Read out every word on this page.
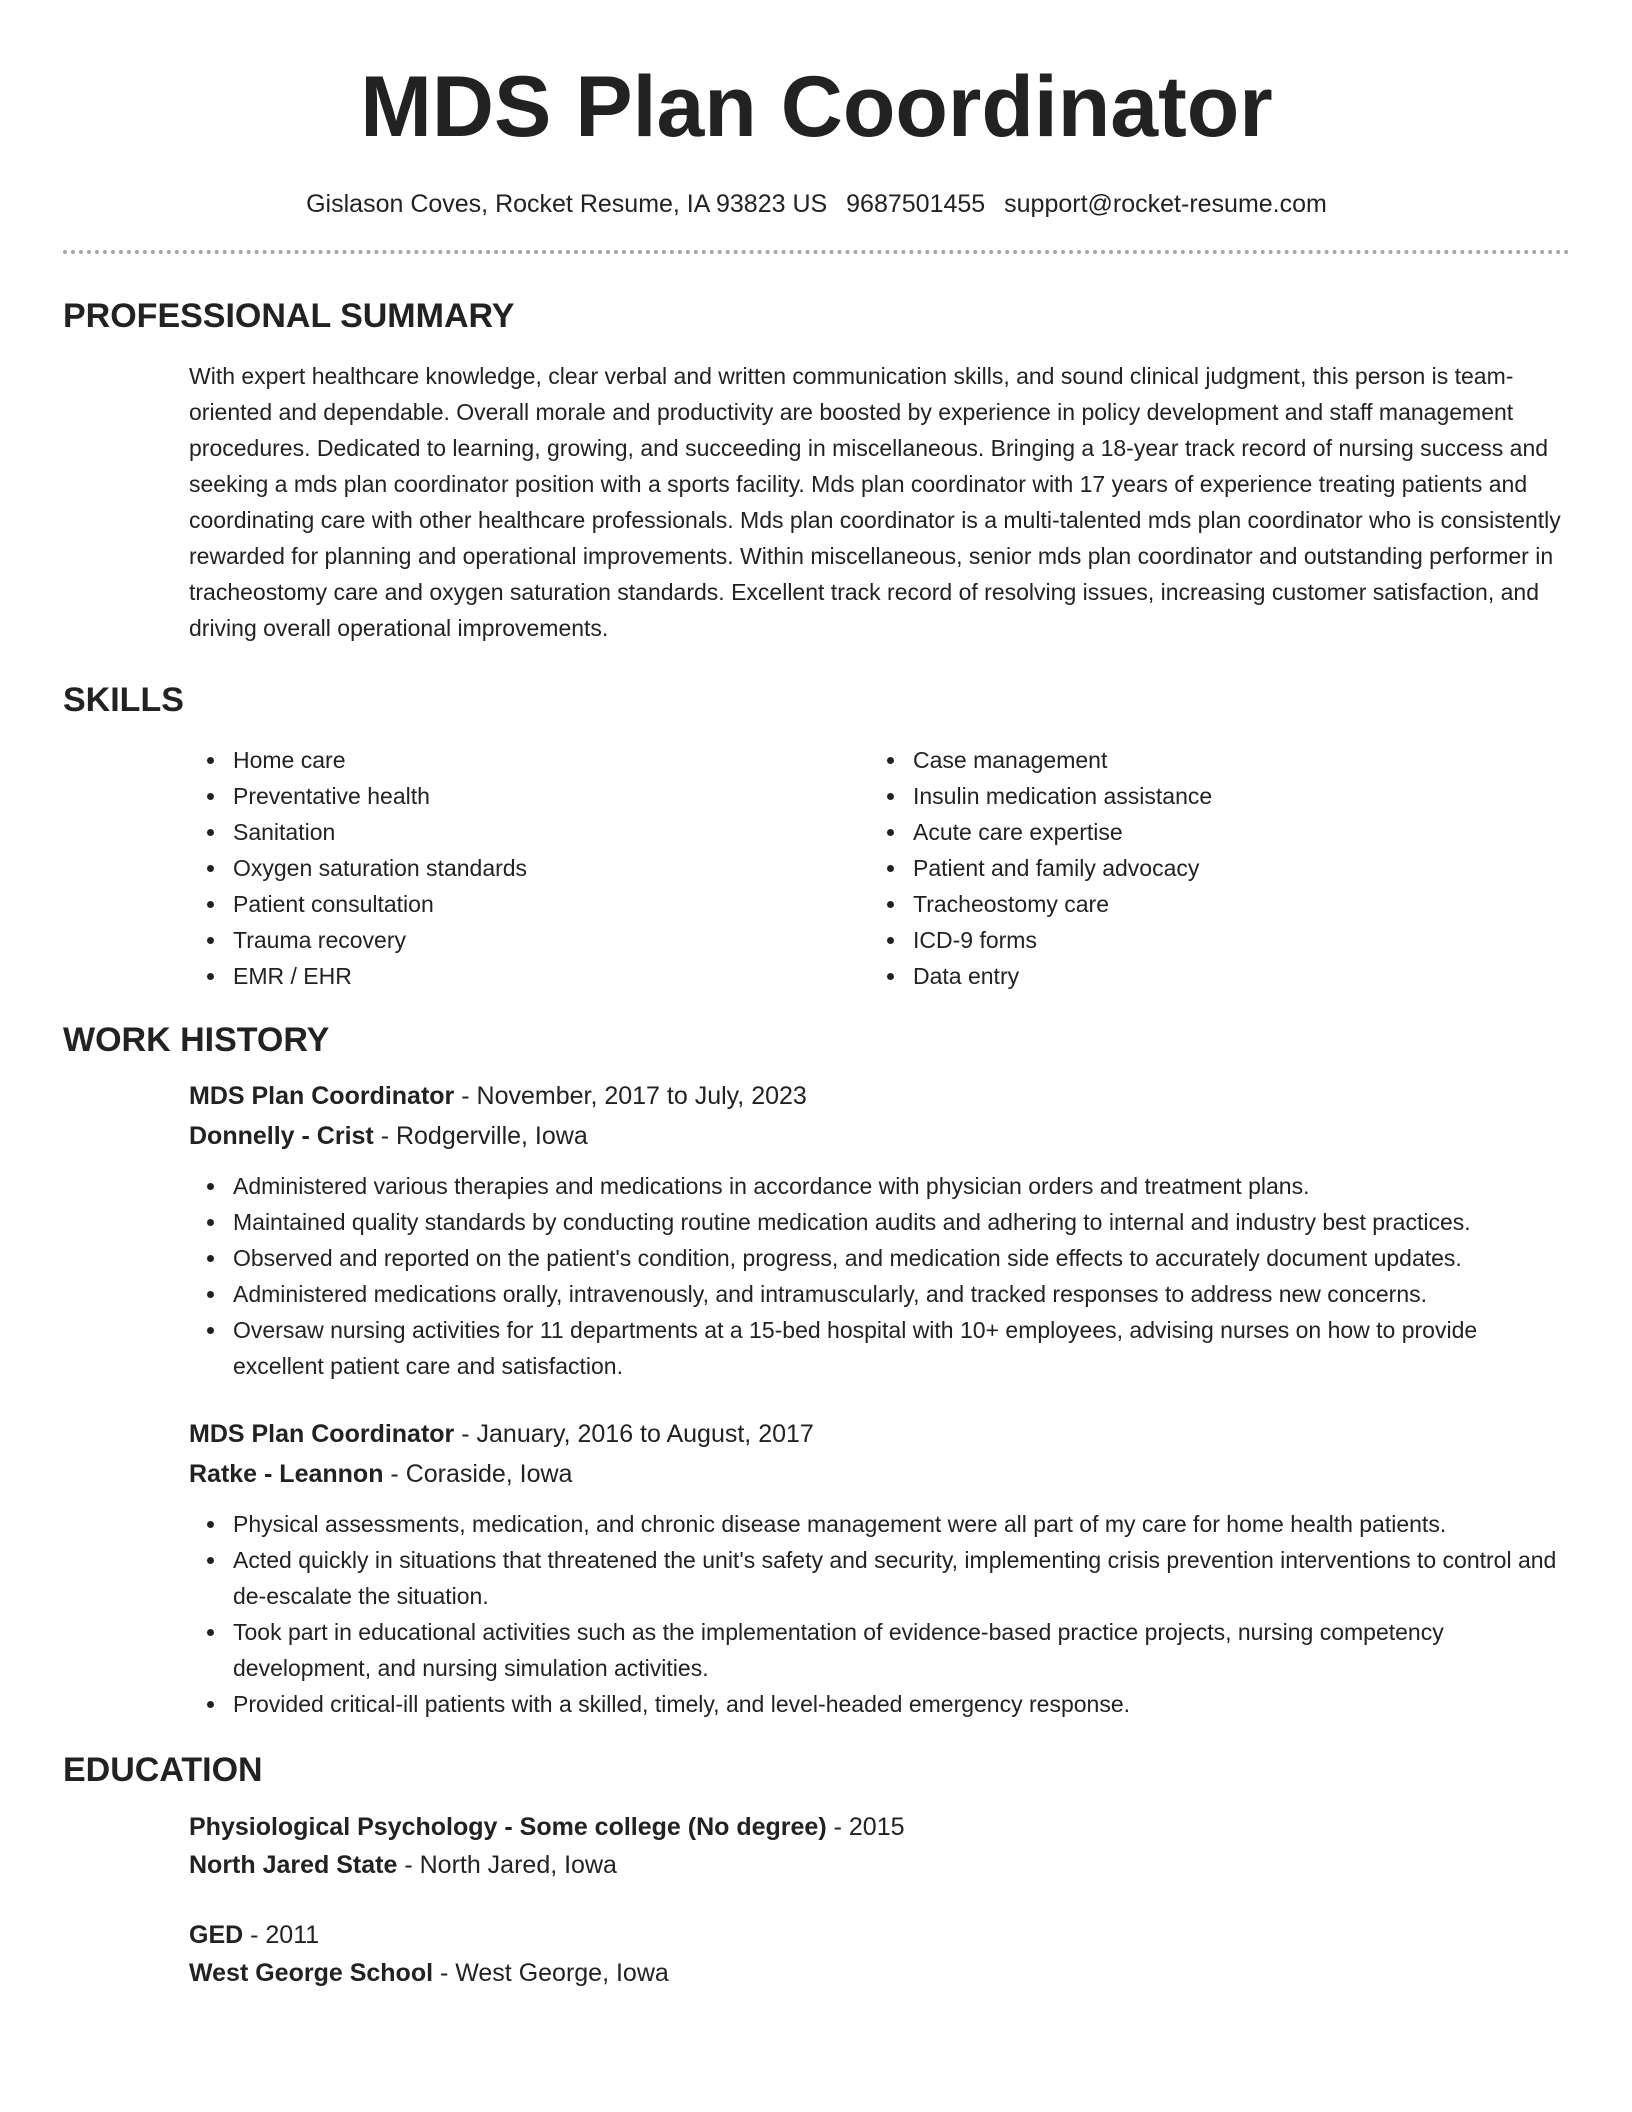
MDS Plan Coordinator
Gislason Coves, Rocket Resume, IA 93823 US 9687501455 support@rocket-resume.com
PROFESSIONAL SUMMARY

With expert healthcare knowledge, clear verbal and written communication skills, and sound clinical judgment, this person is team-oriented and dependable. Overall morale and productivity are boosted by experience in policy development and staff management procedures. Dedicated to learning, growing, and succeeding in miscellaneous. Bringing a 18-year track record of nursing success and seeking a mds plan coordinator position with a sports facility. Mds plan coordinator with 17 years of experience treating patients and coordinating care with other healthcare professionals. Mds plan coordinator is a multi-talented mds plan coordinator who is consistently rewarded for planning and operational improvements. Within miscellaneous, senior mds plan coordinator and outstanding performer in tracheostomy care and oxygen saturation standards. Excellent track record of resolving issues, increasing customer satisfaction, and driving overall operational improvements.

SKILLS
Home care
Preventative health
Sanitation
Oxygen saturation standards
Patient consultation
Trauma recovery
EMR / EHR
Case management
Insulin medication assistance
Acute care expertise
Patient and family advocacy
Tracheostomy care
ICD-9 forms
Data entry
WORK HISTORY
MDS Plan Coordinator - November, 2017 to July, 2023
Donnelly - Crist - Rodgerville, Iowa
Administered various therapies and medications in accordance with physician orders and treatment plans.
Maintained quality standards by conducting routine medication audits and adhering to internal and industry best practices.
Observed and reported on the patient's condition, progress, and medication side effects to accurately document updates.
Administered medications orally, intravenously, and intramuscularly, and tracked responses to address new concerns.
Oversaw nursing activities for 11 departments at a 15-bed hospital with 10+ employees, advising nurses on how to provide excellent patient care and satisfaction.
MDS Plan Coordinator - January, 2016 to August, 2017
Ratke - Leannon - Coraside, Iowa
Physical assessments, medication, and chronic disease management were all part of my care for home health patients.
Acted quickly in situations that threatened the unit's safety and security, implementing crisis prevention interventions to control and de-escalate the situation.
Took part in educational activities such as the implementation of evidence-based practice projects, nursing competency development, and nursing simulation activities.
Provided critical-ill patients with a skilled, timely, and level-headed emergency response.
EDUCATION
Physiological Psychology - Some college (No degree) - 2015
North Jared State - North Jared, Iowa
GED - 2011
West George School - West George, Iowa
